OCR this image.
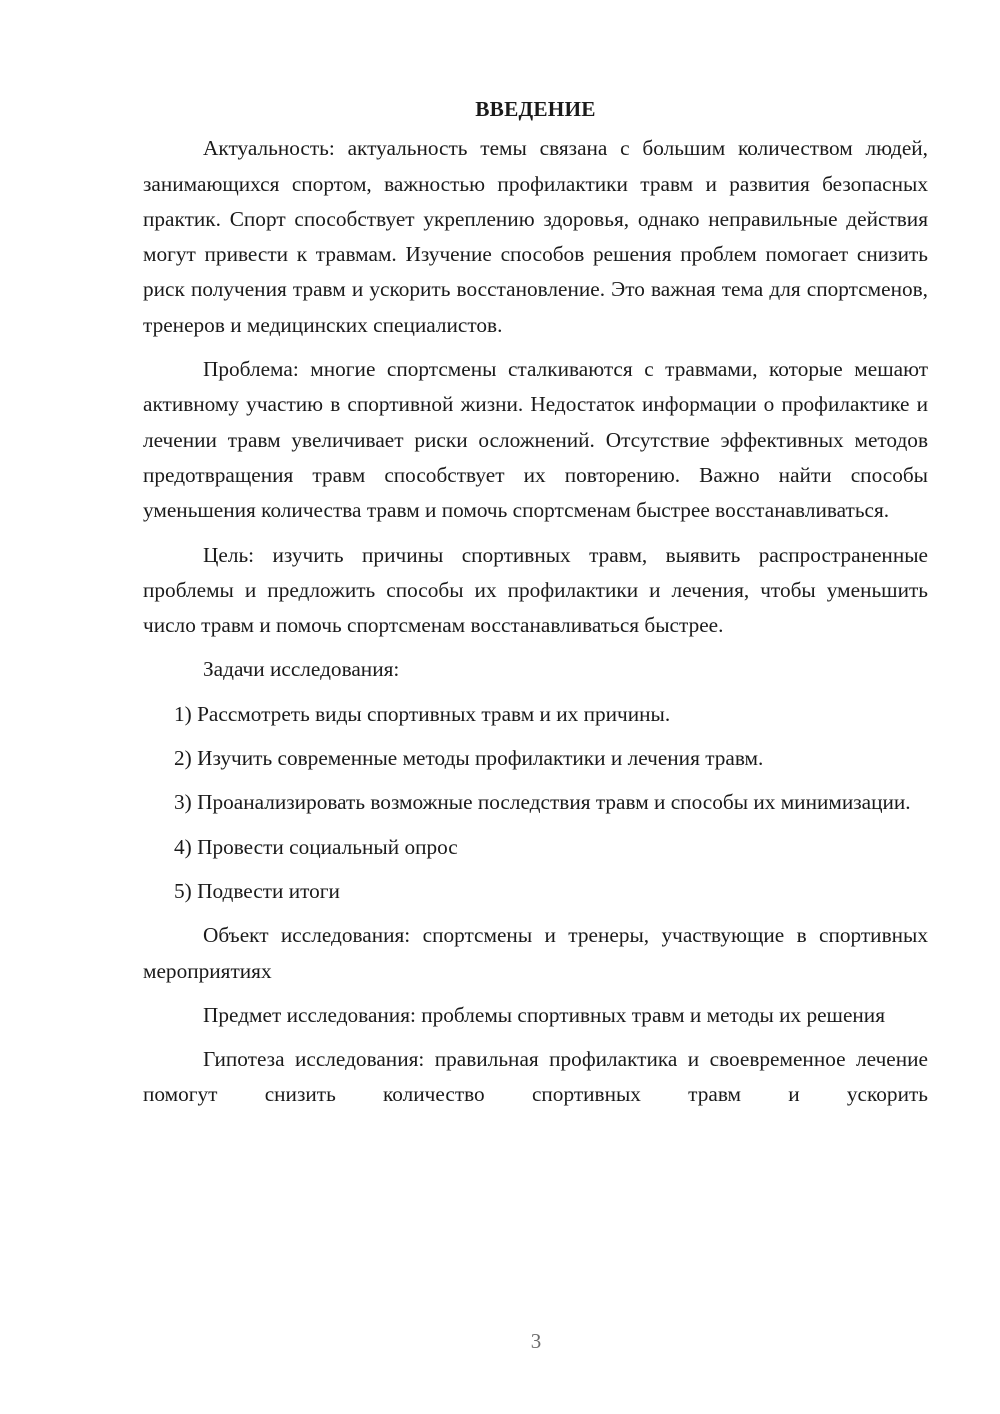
ВВЕДЕНИЕ

Актуальность: актуальность темы связана с большим количеством людей, занимающихся спортом, важностью профилактики травм и развития безопасных практик. Спорт способствует укреплению здоровья, однако неправильные действия могут привести к травмам. Изучение способов решения проблем помогает снизить риск получения травм и ускорить восстановление. Это важная тема для спортсменов, тренеров и медицинских специалистов.

Проблема: многие спортсмены сталкиваются с травмами, которые мешают активному участию в спортивной жизни. Недостаток информации о профилактике и лечении травм увеличивает риски осложнений. Отсутствие эффективных методов предотвращения травм способствует их повторению. Важно найти способы уменьшения количества травм и помочь спортсменам быстрее восстанавливаться.

Цель: изучить причины спортивных травм, выявить распространенные проблемы и предложить способы их профилактики и лечения, чтобы уменьшить число травм и помочь спортсменам восстанавливаться быстрее.

Задачи исследования:

1) Рассмотреть виды спортивных травм и их причины.

2) Изучить современные методы профилактики и лечения травм.

3) Проанализировать возможные последствия травм и способы их минимизации.

4) Провести социальный опрос

5) Подвести итоги

Объект исследования: спортсмены и тренеры, участвующие в спортивных мероприятиях

Предмет исследования: проблемы спортивных травм и методы их решения

Гипотеза исследования: правильная профилактика и своевременное лечение помогут снизить количество спортивных травм и ускорить

3
